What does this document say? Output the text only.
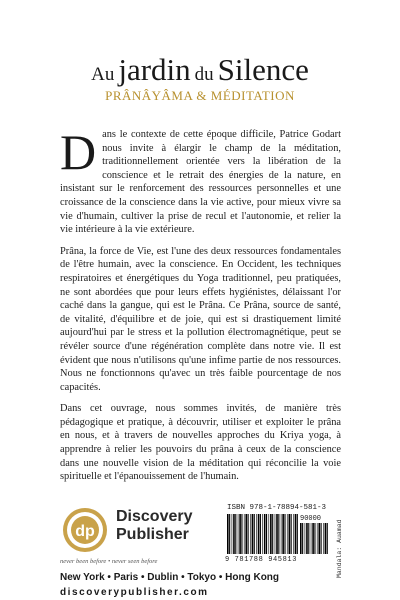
Au jardin du Silence
PRÂNÂYÂMA & MÉDITATION

Dans le contexte de cette époque difficile, Patrice Godart nous invite à élargir le champ de la méditation, traditionnellement orientée vers la libération de la conscience et le retrait des énergies de la nature, en insistant sur le renforcement des ressources personnelles et une croissance de la conscience dans la vie active, pour mieux vivre sa vie d'humain, cultiver la prise de recul et l'autonomie, et relier la vie intérieure à la vie extérieure.

Prâna, la force de Vie, est l'une des deux ressources fondamentales de l'être humain, avec la conscience. En Occident, les techniques respiratoires et énergétiques du Yoga traditionnel, peu pratiquées, ne sont abordées que pour leurs effets hygiénistes, délaissant l'or caché dans la gangue, qui est le Prâna. Ce Prâna, source de santé, de vitalité, d'équilibre et de joie, qui est si drastiquement limité aujourd'hui par le stress et la pollution électromagnétique, peut se révéler source d'une régénération complète dans notre vie. Il est évident que nous n'utilisons qu'une infime partie de nos ressources. Nous ne fonctionnons qu'avec un très faible pourcentage de nos capacités.

Dans cet ouvrage, nous sommes invités, de manière très pédagogique et pratique, à découvrir, utiliser et exploiter le prâna en nous, et à travers de nouvelles approches du Kriya yoga, à apprendre à relier les pouvoirs du prâna à ceux de la conscience dans une nouvelle vision de la méditation qui réconcilie la voie spirituelle et l'épanouissement de l'humain.

dp
Discovery
Publisher
never been before • never seen before
New York • Paris • Dublin • Tokyo • Hong Kong
discoverypublisher.com
ISBN 978-1-78894-581-3
90000
9 781788 945813	Mandala: Auamad
